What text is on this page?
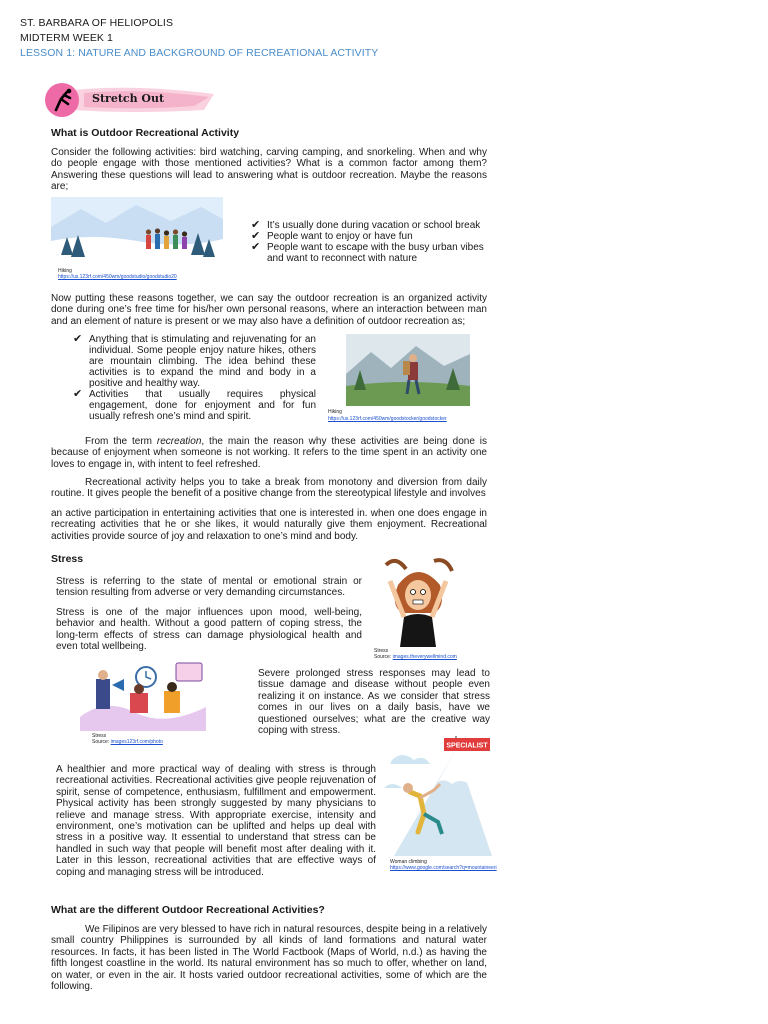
ST. BARBARA OF HELIOPOLIS
MIDTERM WEEK 1
LESSON 1: NATURE AND BACKGROUND OF RECREATIONAL ACTIVITY
Stretch Out
What is Outdoor Recreational Activity
Consider the following activities: bird watching, carving camping, and snorkeling. When and why do people engage with those mentioned activities? What is a common factor among them? Answering these questions will lead to answering what is outdoor recreation. Maybe the reasons are;
Hiking
https://us.123rf.com/450wm/goodstudio/goodstudio20
✔ It’s usually done during vacation or school break
✔ People want to enjoy or have fun
✔ People want to escape with the busy urban vibes and want to reconnect with nature
Now putting these reasons together, we can say the outdoor recreation is an organized activity done during one’s free time for his/her own personal reasons, where an interaction between man and an element of nature is present or we may also have a definition of outdoor recreation as;
✔ Anything that is stimulating and rejuvenating for an individual. Some people enjoy nature hikes, others are mountain climbing. The idea behind these activities is to expand the mind and body in a positive and healthy way.
✔ Activities that usually requires physical engagement, done for enjoyment and for fun usually refresh one’s mind and spirit.	Hiking
https://us.123rf.com/450wm/goodstocker/goodstocker
From the term recreation, the main the reason why these activities are being done is because of enjoyment when someone is not working. It refers to the time spent in an activity one loves to engage in, with intent to feel refreshed.
Recreational activity helps you to take a break from monotony and diversion from daily routine. It gives people the benefit of a positive change from the stereotypical lifestyle and involves
an active participation in entertaining activities that one is interested in. when one does engage in recreating activities that he or she likes, it would naturally give them enjoyment. Recreational activities provide source of joy and relaxation to one’s mind and body.
Stress
Stress is referring to the state of mental or emotional strain or tension resulting from adverse or very demanding circumstances.
Stress is one of the major influences upon mood, well-being, behavior and health. Without a good pattern of coping stress, the long-term effects of stress can damage physiological health and even total wellbeing.	Stress
Source: images.theverywellmind.com
Stress
Source: images123rf.com/photo
Severe prolonged stress responses may lead to tissue damage and disease without people even realizing it on instance. As we consider that stress comes in our lives on a daily basis, have we questioned ourselves; what are the creative way coping with stress.
A healthier and more practical way of dealing with stress is through recreational activities. Recreational activities give people rejuvenation of spirit, sense of competence, enthusiasm, fulfillment and empowerment. Physical activity has been strongly suggested by many physicians to relieve and manage stress. With appropriate exercise, intensity and environment, one’s motivation can be uplifted and helps up deal with stress in a positive way. It essential to understand that stress can be handled in such way that people will benefit most after dealing with it. Later in this lesson, recreational activities that are effective ways of coping and managing stress will be introduced.
SPECIALIST
Woman climbing
https://www.google.com/search?q=mountaineeri
What are the different Outdoor Recreational Activities?
We Filipinos are very blessed to have rich in natural resources, despite being in a relatively small country Philippines is surrounded by all kinds of land formations and natural water resources. In facts, it has been listed in The World Factbook (Maps of World, n.d.) as having the fifth longest coastline in the world. Its natural environment has so much to offer, whether on land, on water, or even in the air. It hosts varied outdoor recreational activities, some of which are the following.
